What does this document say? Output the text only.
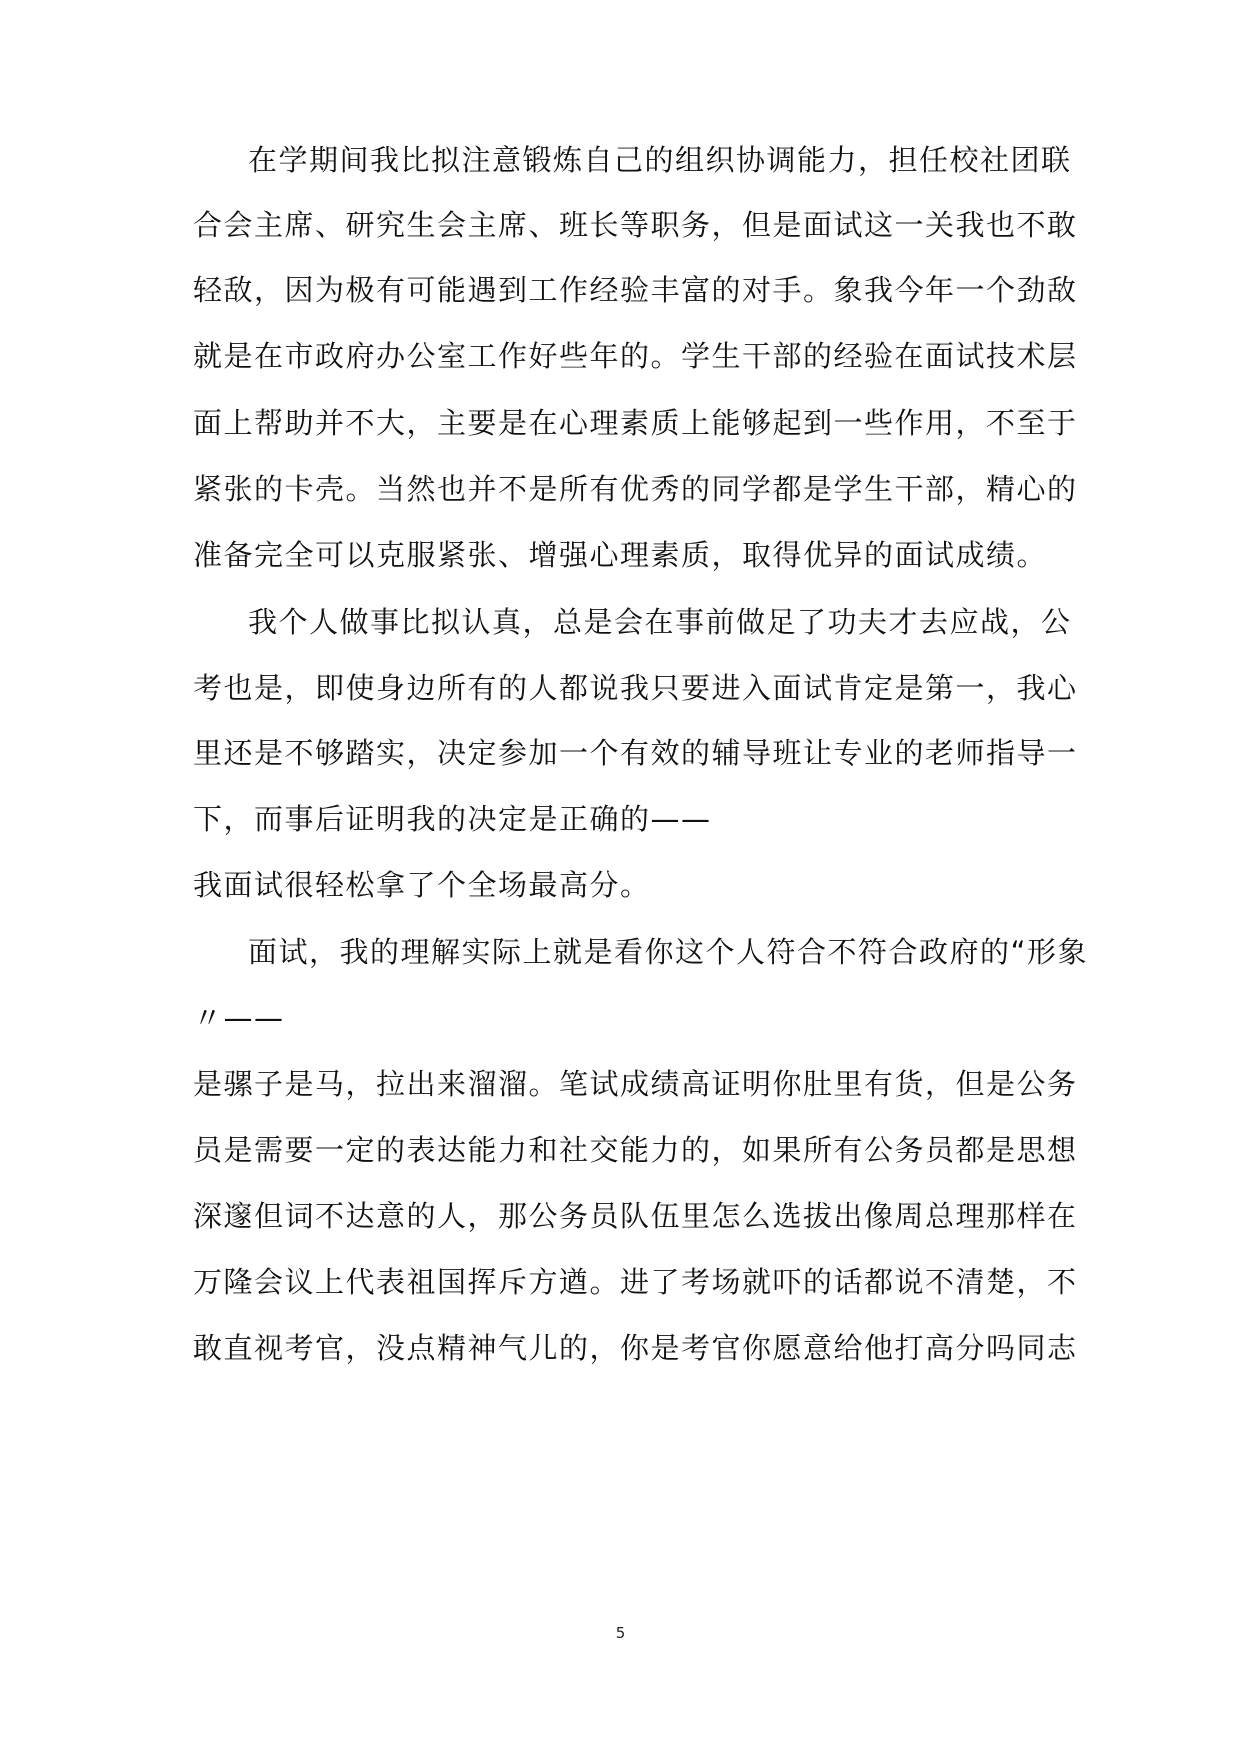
在学期间我比拟注意锻炼自己的组织协调能力，担任校社团联
合会主席、研究生会主席、班长等职务，但是面试这一关我也不敢
轻敌，因为极有可能遇到工作经验丰富的对手。象我今年一个劲敌
就是在市政府办公室工作好些年的。学生干部的经验在面试技术层
面上帮助并不大，主要是在心理素质上能够起到一些作用，不至于
紧张的卡壳。当然也并不是所有优秀的同学都是学生干部，精心的
准备完全可以克服紧张、增强心理素质，取得优异的面试成绩。
我个人做事比拟认真，总是会在事前做足了功夫才去应战，公
考也是，即使身边所有的人都说我只要进入面试肯定是第一，我心
里还是不够踏实，决定参加一个有效的辅导班让专业的老师指导一
下，而事后证明我的决定是正确的——
我面试很轻松拿了个全场最高分。
面试，我的理解实际上就是看你这个人符合不符合政府的“形象
〃——
是骡子是马，拉出来溜溜。笔试成绩高证明你肚里有货，但是公务
员是需要一定的表达能力和社交能力的，如果所有公务员都是思想
深邃但词不达意的人，那公务员队伍里怎么选拔出像周总理那样在
万隆会议上代表祖国挥斥方遒。进了考场就吓的话都说不清楚，不
敢直视考官，没点精神气儿的，你是考官你愿意给他打高分吗同志
5
